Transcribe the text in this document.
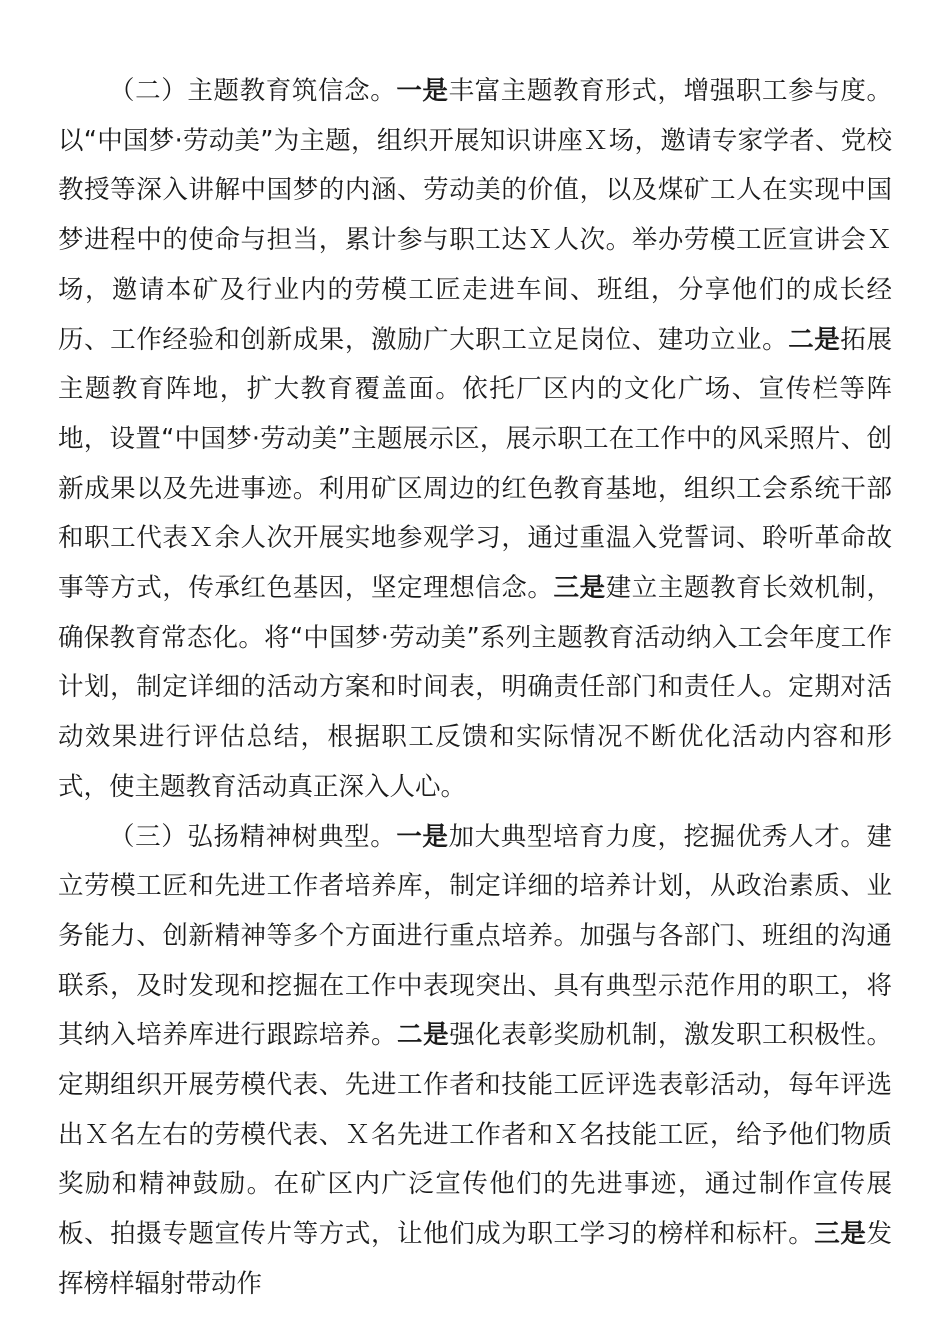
（二）主题教育筑信念。一是丰富主题教育形式，增强职工参与度。以“中国梦·劳动美”为主题，组织开展知识讲座Ｘ场，邀请专家学者、党校教授等深入讲解中国梦的内涵、劳动美的价值，以及煤矿工人在实现中国梦进程中的使命与担当，累计参与职工达Ｘ人次。举办劳模工匠宣讲会Ｘ场，邀请本矿及行业内的劳模工匠走进车间、班组，分享他们的成长经历、工作经验和创新成果，激励广大职工立足岗位、建功立业。二是拓展主题教育阵地，扩大教育覆盖面。依托厂区内的文化广场、宣传栏等阵地，设置“中国梦·劳动美”主题展示区，展示职工在工作中的风采照片、创新成果以及先进事迹。利用矿区周边的红色教育基地，组织工会系统干部和职工代表Ｘ余人次开展实地参观学习，通过重温入党誓词、聆听革命故事等方式，传承红色基因，坚定理想信念。三是建立主题教育长效机制，确保教育常态化。将“中国梦·劳动美”系列主题教育活动纳入工会年度工作计划，制定详细的活动方案和时间表，明确责任部门和责任人。定期对活动效果进行评估总结，根据职工反馈和实际情况不断优化活动内容和形式，使主题教育活动真正深入人心。

（三）弘扬精神树典型。一是加大典型培育力度，挖掘优秀人才。建立劳模工匠和先进工作者培养库，制定详细的培养计划，从政治素质、业务能力、创新精神等多个方面进行重点培养。加强与各部门、班组的沟通联系，及时发现和挖掘在工作中表现突出、具有典型示范作用的职工，将其纳入培养库进行跟踪培养。二是强化表彰奖励机制，激发职工积极性。定期组织开展劳模代表、先进工作者和技能工匠评选表彰活动，每年评选出Ｘ名左右的劳模代表、Ｘ名先进工作者和Ｘ名技能工匠，给予他们物质奖励和精神鼓励。在矿区内广泛宣传他们的先进事迹，通过制作宣传展板、拍摄专题宣传片等方式，让他们成为职工学习的榜样和标杆。三是发挥榜样辐射带动作
